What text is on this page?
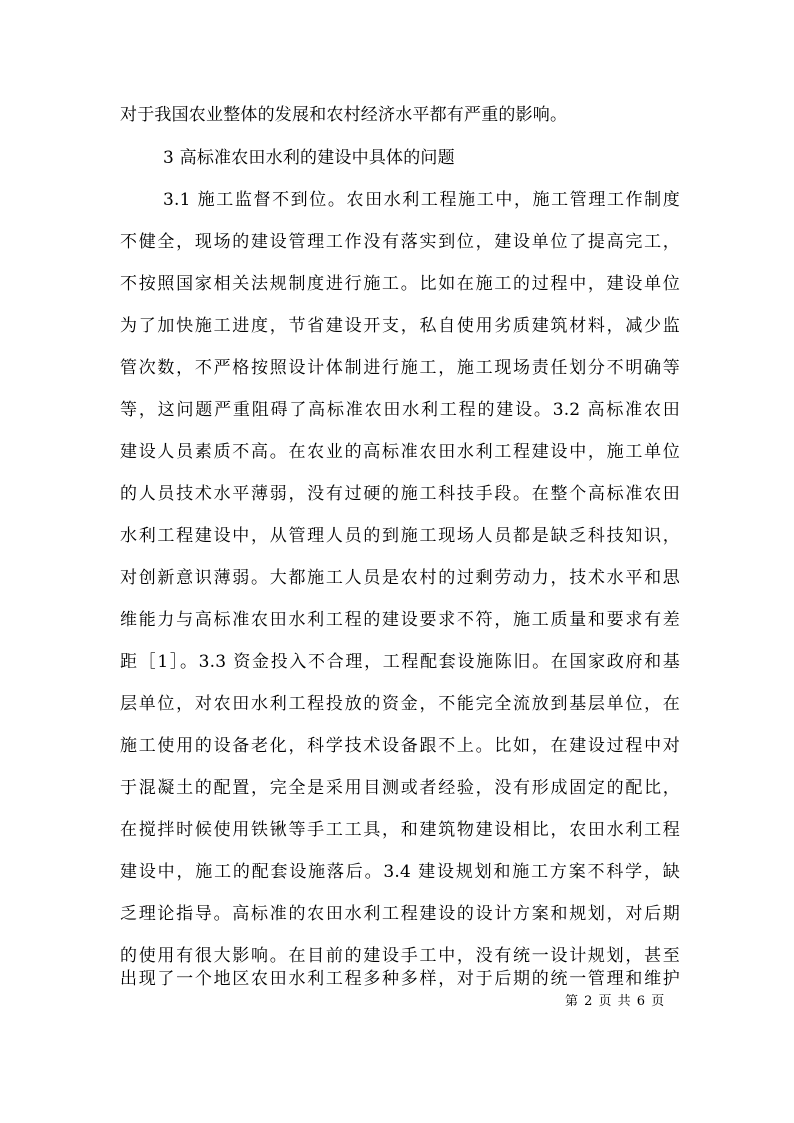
对于我国农业整体的发展和农村经济水平都有严重的影响。
3 高标准农田水利的建设中具体的问题
3.1 施工监督不到位。农田水利工程施工中，施工管理工作制度
不健全，现场的建设管理工作没有落实到位，建设单位了提高完工，
不按照国家相关法规制度进行施工。比如在施工的过程中，建设单位
为了加快施工进度，节省建设开支，私自使用劣质建筑材料，减少监
管次数，不严格按照设计体制进行施工，施工现场责任划分不明确等
等，这问题严重阻碍了高标准农田水利工程的建设。3.2 高标准农田
建设人员素质不高。在农业的高标准农田水利工程建设中，施工单位
的人员技术水平薄弱，没有过硬的施工科技手段。在整个高标准农田
水利工程建设中，从管理人员的到施工现场人员都是缺乏科技知识，
对创新意识薄弱。大都施工人员是农村的过剩劳动力，技术水平和思
维能力与高标准农田水利工程的建设要求不符，施工质量和要求有差
距［1］。3.3 资金投入不合理，工程配套设施陈旧。在国家政府和基
层单位，对农田水利工程投放的资金，不能完全流放到基层单位，在
施工使用的设备老化，科学技术设备跟不上。比如，在建设过程中对
于混凝土的配置，完全是采用目测或者经验，没有形成固定的配比，
在搅拌时候使用铁锹等手工工具，和建筑物建设相比，农田水利工程
建设中，施工的配套设施落后。3.4 建设规划和施工方案不科学，缺
乏理论指导。高标准的农田水利工程建设的设计方案和规划，对后期
的使用有很大影响。在目前的建设手工中，没有统一设计规划，甚至
出现了一个地区农田水利工程多种多样，对于后期的统一管理和维护
第 2 页 共 6 页
